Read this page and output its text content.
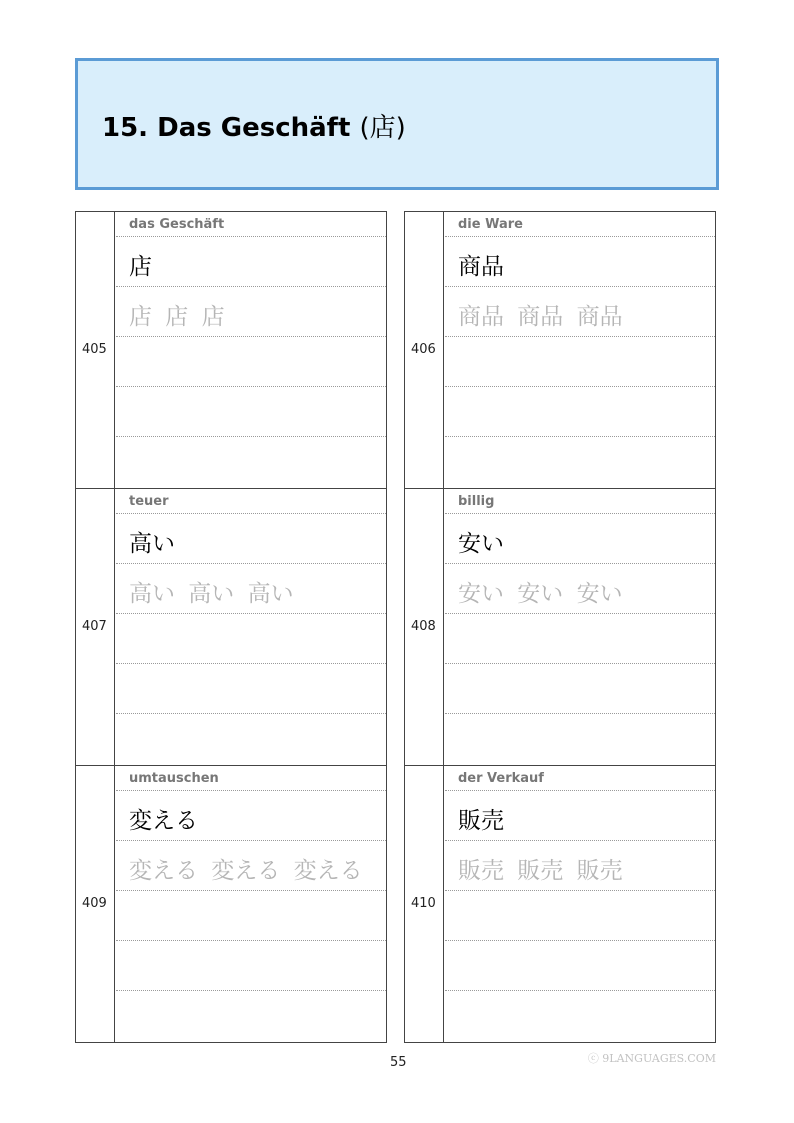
15. Das Geschäft (店)
405
das Geschäft
店
店 店 店
406
die Ware
商品
商品 商品 商品
407
teuer
高い
高い 高い 高い
408
billig
安い
安い 安い 安い
409
umtauschen
変える
変える 変える 変える
410
der Verkauf
販売
販売 販売 販売
55	ⓒ 9LANGUAGES.COM
